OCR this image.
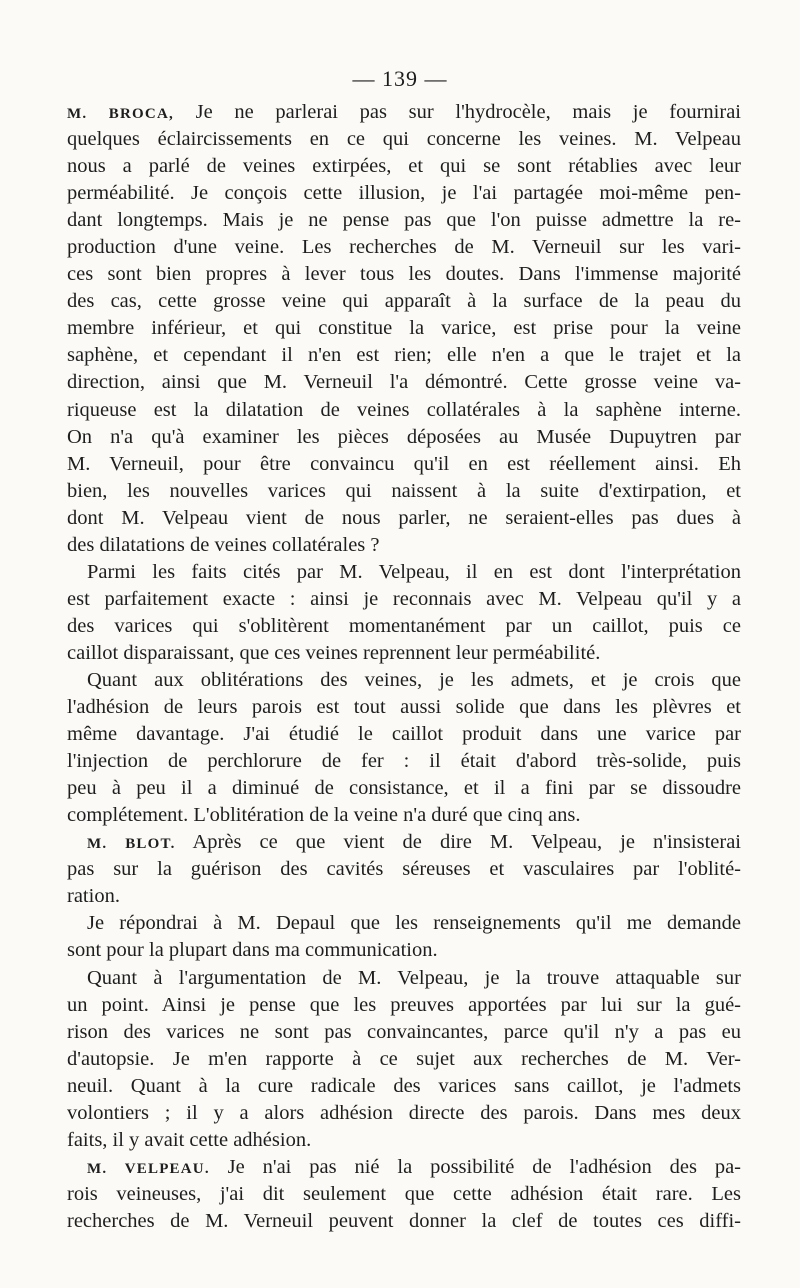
— 139 —
M. BROCA, Je ne parlerai pas sur l'hydrocèle, mais je fournirai
quelques éclaircissements en ce qui concerne les veines. M. Velpeau
nous a parlé de veines extirpées, et qui se sont rétablies avec leur
perméabilité. Je conçois cette illusion, je l'ai partagée moi-même pen-
dant longtemps. Mais je ne pense pas que l'on puisse admettre la re-
production d'une veine. Les recherches de M. Verneuil sur les vari-
ces sont bien propres à lever tous les doutes. Dans l'immense majorité
des cas, cette grosse veine qui apparaît à la surface de la peau du
membre inférieur, et qui constitue la varice, est prise pour la veine
saphène, et cependant il n'en est rien; elle n'en a que le trajet et la
direction, ainsi que M. Verneuil l'a démontré. Cette grosse veine va-
riqueuse est la dilatation de veines collatérales à la saphène interne.
On n'a qu'à examiner les pièces déposées au Musée Dupuytren par
M. Verneuil, pour être convaincu qu'il en est réellement ainsi. Eh
bien, les nouvelles varices qui naissent à la suite d'extirpation, et
dont M. Velpeau vient de nous parler, ne seraient-elles pas dues à
des dilatations de veines collatérales ?
Parmi les faits cités par M. Velpeau, il en est dont l'interprétation
est parfaitement exacte : ainsi je reconnais avec M. Velpeau qu'il y a
des varices qui s'oblitèrent momentanément par un caillot, puis ce
caillot disparaissant, que ces veines reprennent leur perméabilité.
Quant aux oblitérations des veines, je les admets, et je crois que
l'adhésion de leurs parois est tout aussi solide que dans les plèvres et
même davantage. J'ai étudié le caillot produit dans une varice par
l'injection de perchlorure de fer : il était d'abord très-solide, puis
peu à peu il a diminué de consistance, et il a fini par se dissoudre
complétement. L'oblitération de la veine n'a duré que cinq ans.
M. BLOT. Après ce que vient de dire M. Velpeau, je n'insisterai
pas sur la guérison des cavités séreuses et vasculaires par l'oblité-
ration.
Je répondrai à M. Depaul que les renseignements qu'il me demande
sont pour la plupart dans ma communication.
Quant à l'argumentation de M. Velpeau, je la trouve attaquable sur
un point. Ainsi je pense que les preuves apportées par lui sur la gué-
rison des varices ne sont pas convaincantes, parce qu'il n'y a pas eu
d'autopsie. Je m'en rapporte à ce sujet aux recherches de M. Ver-
neuil. Quant à la cure radicale des varices sans caillot, je l'admets
volontiers ; il y a alors adhésion directe des parois. Dans mes deux
faits, il y avait cette adhésion.
M. VELPEAU. Je n'ai pas nié la possibilité de l'adhésion des pa-
rois veineuses, j'ai dit seulement que cette adhésion était rare. Les
recherches de M. Verneuil peuvent donner la clef de toutes ces diffi-
